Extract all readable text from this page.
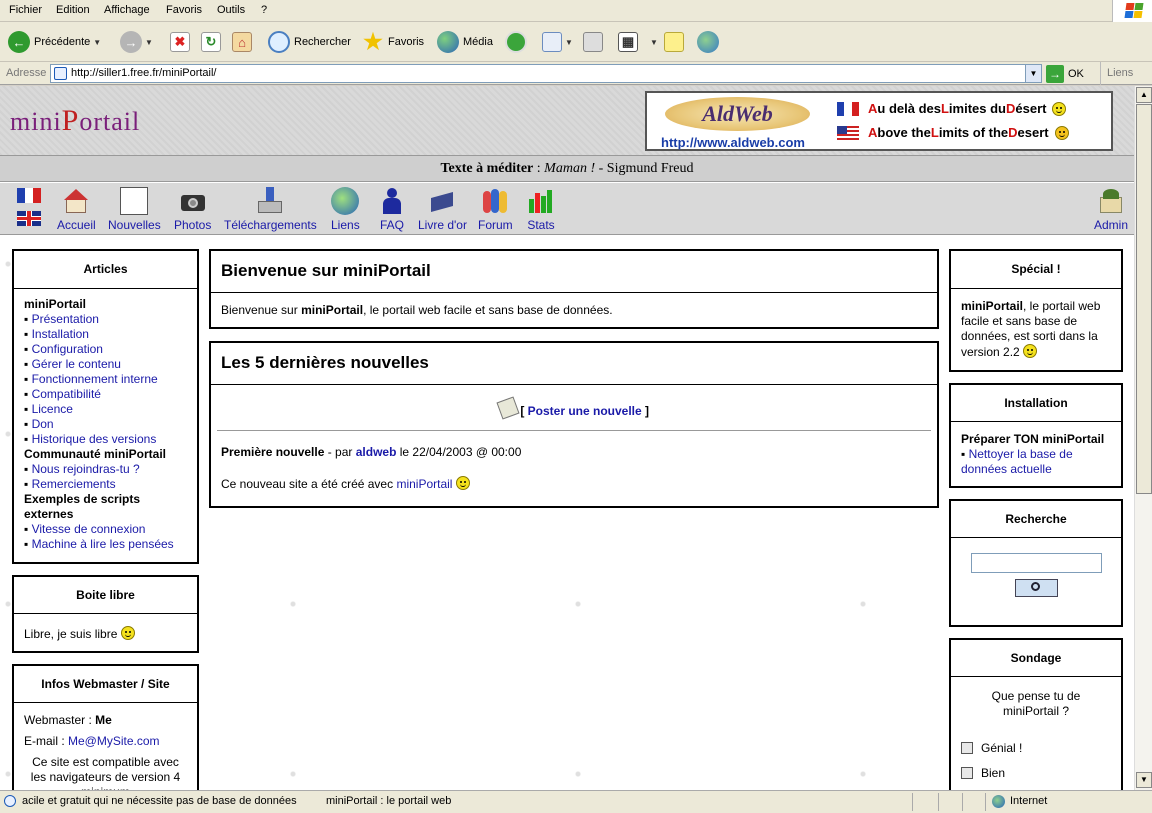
Fichier Edition Affichage Favoris Outils ?
← Précédente ▼	→ ▼ ✖ ↻	⌂	Rechercher ★ Favoris	Média	▼	▦	▼
Adresse	http://siller1.free.fr/miniPortail/	▼ → OK	Liens
miniPortail	AldWeb
http://www.aldweb.com
A u delà des L imites du D ésert
A bove the L imits of the D esert
Texte à méditer : Maman ! - Sigmund Freud
Accueil Nouvelles Photos Téléchargements Liens FAQ Livre d'or Forum Stats	Admin
Articles
miniPortail
▪ Présentation
▪ Installation
▪ Configuration
▪ Gérer le contenu
▪ Fonctionnement interne
▪ Compatibilité
▪ Licence
▪ Don
▪ Historique des versions
Communauté miniPortail
▪ Nous rejoindras-tu ?
▪ Remerciements
Exemples de scripts externes
▪ Vitesse de connexion
▪ Machine à lire les pensées
Boite libre
Libre, je suis libre
Infos Webmaster / Site
Webmaster : Me
E-mail : Me@MySite.com
Ce site est compatible avec les navigateurs de version 4
Bienvenue sur miniPortail
Bienvenue sur miniPortail, le portail web facile et sans base de données.
Les 5 dernières nouvelles
[ Poster une nouvelle ]
Première nouvelle - par aldweb le 22/04/2003 @ 00:00
Ce nouveau site a été créé avec miniPortail
Spécial !
miniPortail, le portail web facile et sans base de données, est sorti dans la version 2.2
Installation
Préparer TON miniPortail
▪ Nettoyer la base de données actuelle
Recherche
Sondage
Que pense tu de miniPortail ?
Génial !
Bien
▲
▼
acile et gratuit qui ne nécessite pas de base de données	miniPortail : le portail web	Internet
